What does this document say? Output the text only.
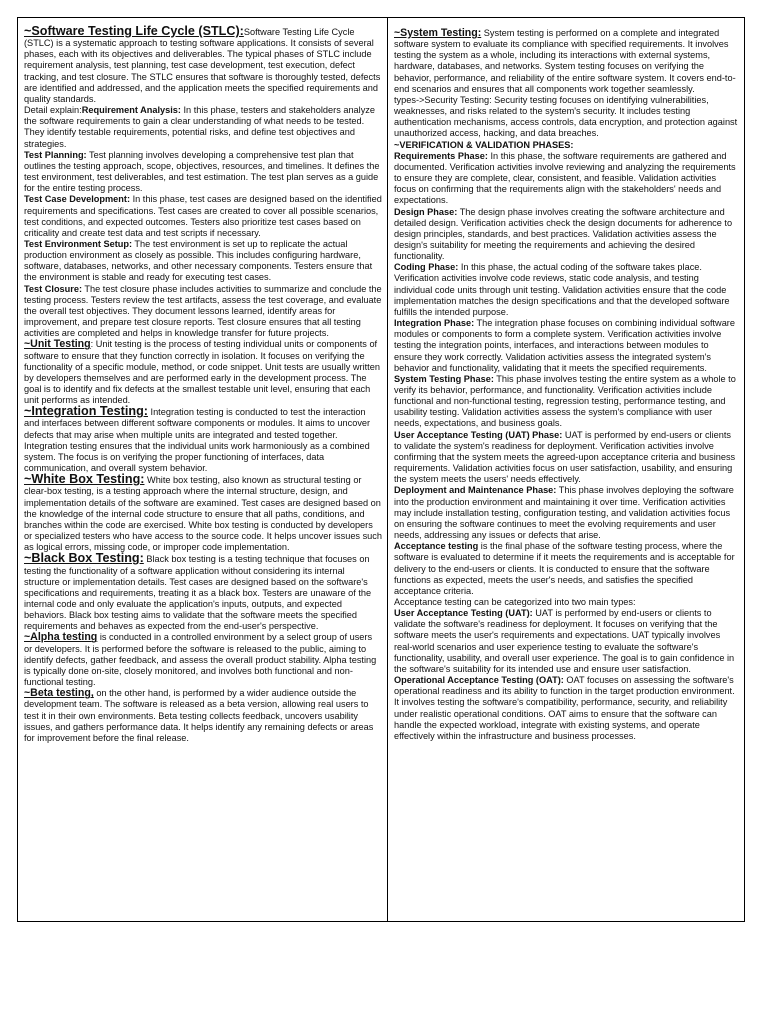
~Software Testing Life Cycle (STLC):Software Testing Life Cycle (STLC) is a systematic approach to testing software applications. It consists of several phases, each with its objectives and deliverables. The typical phases of STLC include requirement analysis, test planning, test case development, test execution, defect tracking, and test closure. The STLC ensures that software is thoroughly tested, defects are identified and addressed, and the application meets the specified requirements and quality standards.

Detail explain:Requirement Analysis: In this phase, testers and stakeholders analyze the software requirements to gain a clear understanding of what needs to be tested. They identify testable requirements, potential risks, and define test objectives and strategies.

Test Planning: Test planning involves developing a comprehensive test plan that outlines the testing approach, scope, objectives, resources, and timelines. It defines the test environment, test deliverables, and test estimation. The test plan serves as a guide for the entire testing process.

Test Case Development: In this phase, test cases are designed based on the identified requirements and specifications. Test cases are created to cover all possible scenarios, test conditions, and expected outcomes. Testers also prioritize test cases based on criticality and create test data and test scripts if necessary.

Test Environment Setup: The test environment is set up to replicate the actual production environment as closely as possible. This includes configuring hardware, software, databases, networks, and other necessary components. Testers ensure that the environment is stable and ready for executing test cases.

Test Closure: The test closure phase includes activities to summarize and conclude the testing process. Testers review the test artifacts, assess the test coverage, and evaluate the overall test objectives. They document lessons learned, identify areas for improvement, and prepare test closure reports. Test closure ensures that all testing activities are completed and helps in knowledge transfer for future projects.

~Unit Testing: Unit testing is the process of testing individual units or components of software to ensure that they function correctly in isolation. It focuses on verifying the functionality of a specific module, method, or code snippet. Unit tests are usually written by developers themselves and are performed early in the development process. The goal is to identify and fix defects at the smallest testable unit level, ensuring that each unit performs as intended.

~Integration Testing: Integration testing is conducted to test the interaction and interfaces between different software components or modules. It aims to uncover defects that may arise when multiple units are integrated and tested together. Integration testing ensures that the individual units work harmoniously as a combined system. The focus is on verifying the proper functioning of interfaces, data communication, and overall system behavior.

~White Box Testing: White box testing, also known as structural testing or clear-box testing, is a testing approach where the internal structure, design, and implementation details of the software are examined. Test cases are designed based on the knowledge of the internal code structure to ensure that all paths, conditions, and branches within the code are exercised. White box testing is conducted by developers or specialized testers who have access to the source code. It helps uncover issues such as logical errors, missing code, or improper code implementation.

~Black Box Testing: Black box testing is a testing technique that focuses on testing the functionality of a software application without considering its internal structure or implementation details. Test cases are designed based on the software's specifications and requirements, treating it as a black box. Testers are unaware of the internal code and only evaluate the application's inputs, outputs, and expected behaviors. Black box testing aims to validate that the software meets the specified requirements and behaves as expected from the end-user's perspective.

~Alpha testing is conducted in a controlled environment by a select group of users or developers. It is performed before the software is released to the public, aiming to identify defects, gather feedback, and assess the overall product stability. Alpha testing is typically done on-site, closely monitored, and involves both functional and non-functional testing.

~Beta testing, on the other hand, is performed by a wider audience outside the development team. The software is released as a beta version, allowing real users to test it in their own environments. Beta testing collects feedback, uncovers usability issues, and gathers performance data. It helps identify any remaining defects or areas for improvement before the final release.

~System Testing: System testing is performed on a complete and integrated software system to evaluate its compliance with specified requirements. It involves testing the system as a whole, including its interactions with external systems, hardware, databases, and networks. System testing focuses on verifying the behavior, performance, and reliability of the entire software system. It covers end-to-end scenarios and ensures that all components work together seamlessly.

types->Security Testing: Security testing focuses on identifying vulnerabilities, weaknesses, and risks related to the system's security. It includes testing authentication mechanisms, access controls, data encryption, and protection against unauthorized access, hacking, and data breaches.

~VERIFICATION & VALIDATION PHASES:

Requirements Phase: In this phase, the software requirements are gathered and documented. Verification activities involve reviewing and analyzing the requirements to ensure they are complete, clear, consistent, and feasible. Validation activities focus on confirming that the requirements align with the stakeholders' needs and expectations.

Design Phase: The design phase involves creating the software architecture and detailed design. Verification activities check the design documents for adherence to design principles, standards, and best practices. Validation activities assess the design's suitability for meeting the requirements and achieving the desired functionality.

Coding Phase: In this phase, the actual coding of the software takes place. Verification activities involve code reviews, static code analysis, and testing individual code units through unit testing. Validation activities ensure that the code implementation matches the design specifications and that the developed software fulfills the intended purpose.

Integration Phase: The integration phase focuses on combining individual software modules or components to form a complete system. Verification activities involve testing the integration points, interfaces, and interactions between modules to ensure they work correctly. Validation activities assess the integrated system's behavior and functionality, validating that it meets the specified requirements.

System Testing Phase: This phase involves testing the entire system as a whole to verify its behavior, performance, and functionality. Verification activities include functional and non-functional testing, regression testing, performance testing, and usability testing. Validation activities assess the system's compliance with user needs, expectations, and business goals.

User Acceptance Testing (UAT) Phase: UAT is performed by end-users or clients to validate the system's readiness for deployment. Verification activities involve confirming that the system meets the agreed-upon acceptance criteria and business requirements. Validation activities focus on user satisfaction, usability, and ensuring the system meets the users' needs effectively.

Deployment and Maintenance Phase: This phase involves deploying the software into the production environment and maintaining it over time. Verification activities may include installation testing, configuration testing, and validation activities focus on ensuring the software continues to meet the evolving requirements and user needs, addressing any issues or defects that arise.

Acceptance testing is the final phase of the software testing process, where the software is evaluated to determine if it meets the requirements and is acceptable for delivery to the end-users or clients. It is conducted to ensure that the software functions as expected, meets the user's needs, and satisfies the specified acceptance criteria.

Acceptance testing can be categorized into two main types:

User Acceptance Testing (UAT): UAT is performed by end-users or clients to validate the software's readiness for deployment. It focuses on verifying that the software meets the user's requirements and expectations. UAT typically involves real-world scenarios and user experience testing to evaluate the software's functionality, usability, and overall user experience. The goal is to gain confidence in the software's suitability for its intended use and ensure user satisfaction.

Operational Acceptance Testing (OAT): OAT focuses on assessing the software's operational readiness and its ability to function in the target production environment. It involves testing the software's compatibility, performance, security, and reliability under realistic operational conditions. OAT aims to ensure that the software can handle the expected workload, integrate with existing systems, and operate effectively within the infrastructure and business processes.
